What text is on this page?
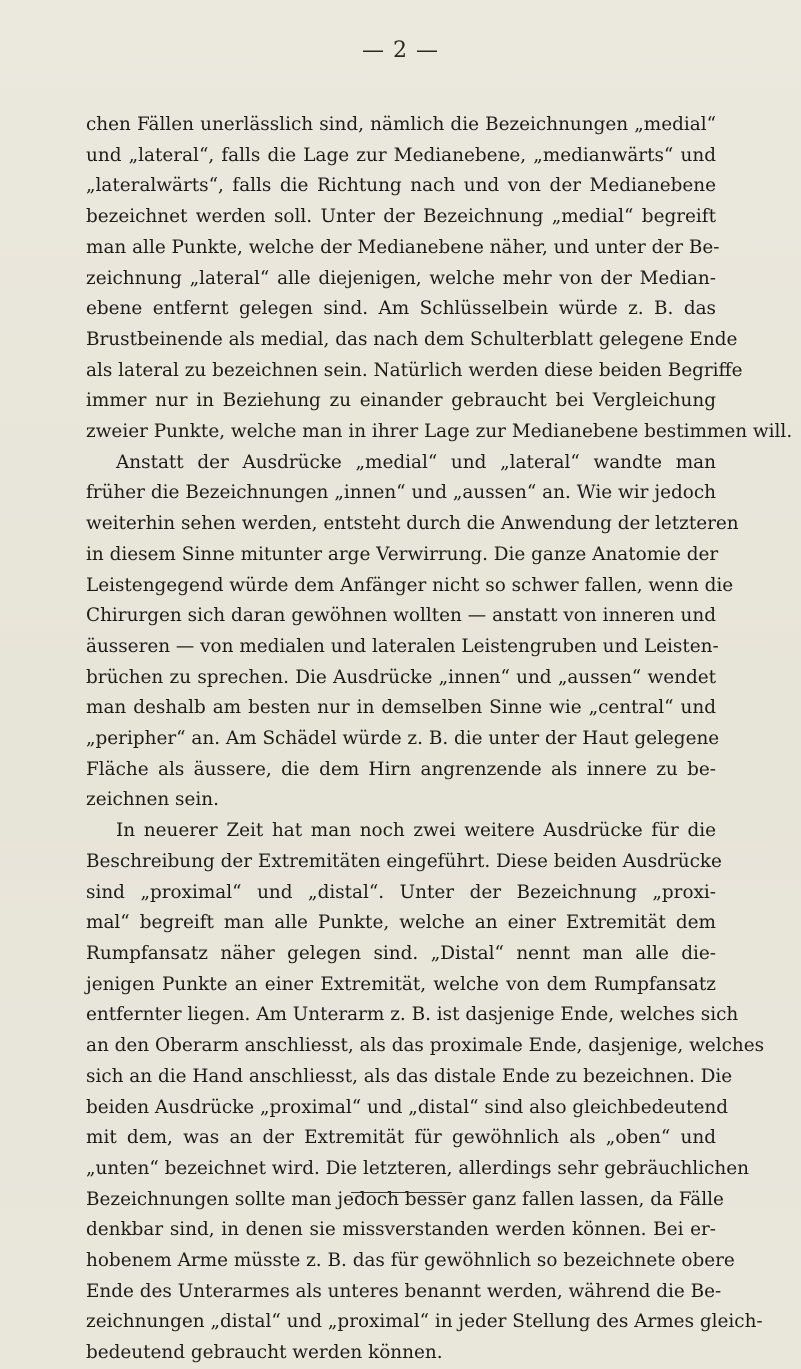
— 2 —
chen Fällen unerlässlich sind, nämlich die Bezeichnungen „medial“
und „lateral“, falls die Lage zur Medianebene, „medianwärts“ und
„lateralwärts“, falls die Richtung nach und von der Medianebene
bezeichnet werden soll. Unter der Bezeichnung „medial“ begreift
man alle Punkte, welche der Medianebene näher, und unter der Be-
zeichnung „lateral“ alle diejenigen, welche mehr von der Median-
ebene entfernt gelegen sind. Am Schlüsselbein würde z. B. das
Brustbeinende als medial, das nach dem Schulterblatt gelegene Ende
als lateral zu bezeichnen sein. Natürlich werden diese beiden Begriffe
immer nur in Beziehung zu einander gebraucht bei Vergleichung
zweier Punkte, welche man in ihrer Lage zur Medianebene bestimmen will.
Anstatt der Ausdrücke „medial“ und „lateral“ wandte man
früher die Bezeichnungen „innen“ und „aussen“ an. Wie wir jedoch
weiterhin sehen werden, entsteht durch die Anwendung der letzteren
in diesem Sinne mitunter arge Verwirrung. Die ganze Anatomie der
Leistengegend würde dem Anfänger nicht so schwer fallen, wenn die
Chirurgen sich daran gewöhnen wollten — anstatt von inneren und
äusseren — von medialen und lateralen Leistengruben und Leisten-
brüchen zu sprechen. Die Ausdrücke „innen“ und „aussen“ wendet
man deshalb am besten nur in demselben Sinne wie „central“ und
„peripher“ an. Am Schädel würde z. B. die unter der Haut gelegene
Fläche als äussere, die dem Hirn angrenzende als innere zu be-
zeichnen sein.
In neuerer Zeit hat man noch zwei weitere Ausdrücke für die
Beschreibung der Extremitäten eingeführt. Diese beiden Ausdrücke
sind „proximal“ und „distal“. Unter der Bezeichnung „proxi-
mal“ begreift man alle Punkte, welche an einer Extremität dem
Rumpfansatz näher gelegen sind. „Distal“ nennt man alle die-
jenigen Punkte an einer Extremität, welche von dem Rumpfansatz
entfernter liegen. Am Unterarm z. B. ist dasjenige Ende, welches sich
an den Oberarm anschliesst, als das proximale Ende, dasjenige, welches
sich an die Hand anschliesst, als das distale Ende zu bezeichnen. Die
beiden Ausdrücke „proximal“ und „distal“ sind also gleichbedeutend
mit dem, was an der Extremität für gewöhnlich als „oben“ und
„unten“ bezeichnet wird. Die letzteren, allerdings sehr gebräuchlichen
Bezeichnungen sollte man jedoch besser ganz fallen lassen, da Fälle
denkbar sind, in denen sie missverstanden werden können. Bei er-
hobenem Arme müsste z. B. das für gewöhnlich so bezeichnete obere
Ende des Unterarmes als unteres benannt werden, während die Be-
zeichnungen „distal“ und „proximal“ in jeder Stellung des Armes gleich-
bedeutend gebraucht werden können.
